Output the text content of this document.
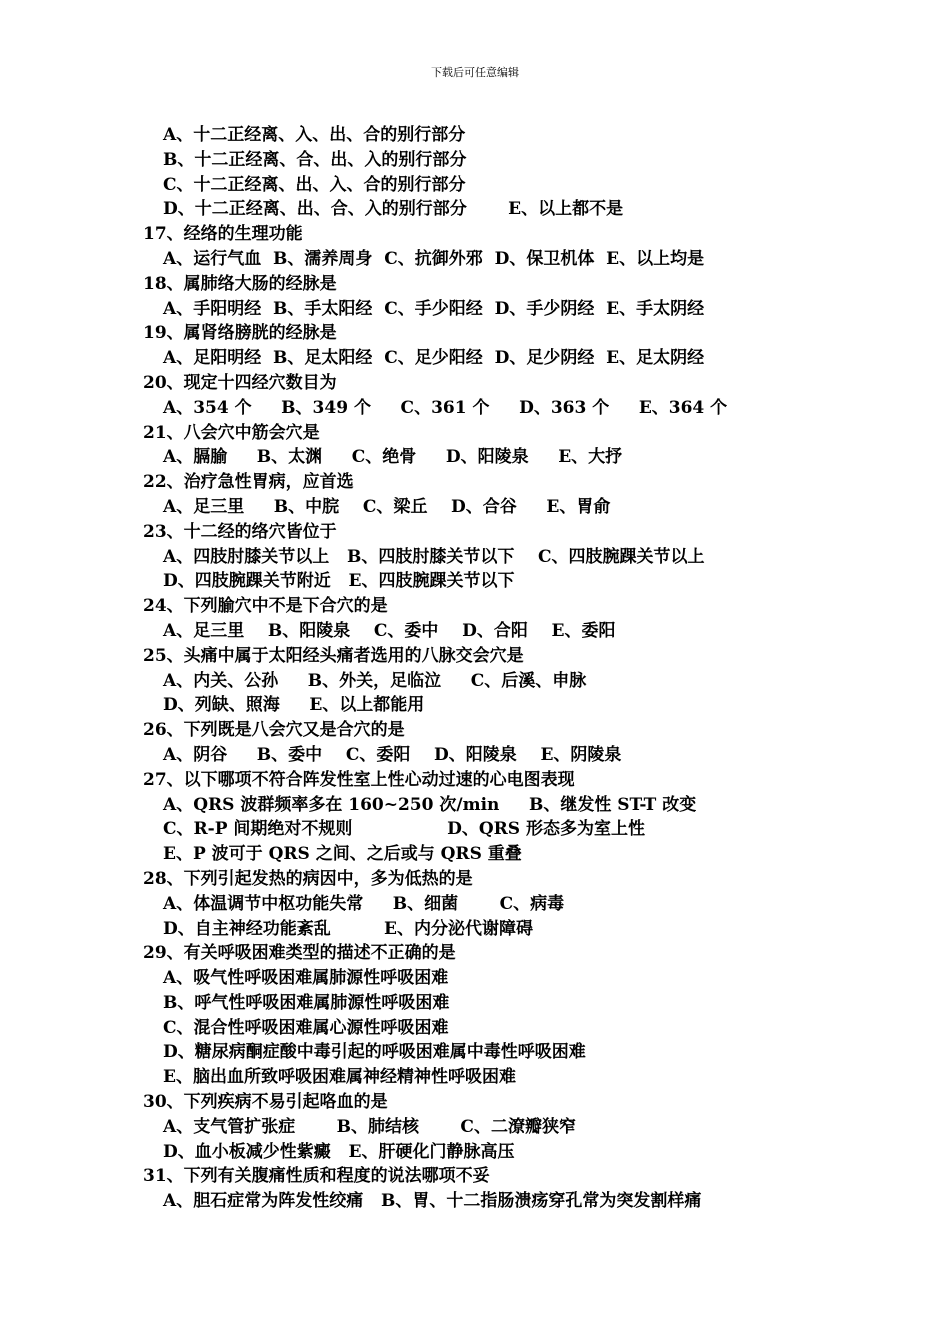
下载后可任意编辑
A、十二正经离、入、出、合的别行部分
B、十二正经离、合、出、入的别行部分
C、十二正经离、出、入、合的别行部分
D、十二正经离、出、合、入的别行部分       E、以上都不是
17、经络的生理功能
A、运行气血  B、濡养周身  C、抗御外邪  D、保卫机体  E、以上均是
18、属肺络大肠的经脉是
A、手阳明经  B、手太阳经  C、手少阳经  D、手少阴经  E、手太阴经
19、属肾络膀胱的经脉是
A、足阳明经  B、足太阳经  C、足少阳经  D、足少阴经  E、足太阴经
20、现定十四经穴数目为
A、354 个     B、349 个     C、361 个     D、363 个     E、364 个
21、八会穴中筋会穴是
A、膈腧     B、太渊     C、绝骨     D、阳陵泉     E、大抒
22、治疗急性胃病，应首选
A、足三里     B、中脘    C、梁丘    D、合谷     E、胃俞
23、十二经的络穴皆位于
A、四肢肘膝关节以上   B、四肢肘膝关节以下    C、四肢腕踝关节以上
D、四肢腕踝关节附近   E、四肢腕踝关节以下
24、下列腧穴中不是下合穴的是
A、足三里    B、阳陵泉    C、委中    D、合阳    E、委阳
25、头痛中属于太阳经头痛者选用的八脉交会穴是
A、内关、公孙     B、外关，足临泣     C、后溪、申脉
D、列缺、照海     E、以上都能用
26、下列既是八会穴又是合穴的是
A、阴谷     B、委中    C、委阳    D、阳陵泉    E、阴陵泉
27、以下哪项不符合阵发性室上性心动过速的心电图表现
A、QRS 波群频率多在 160~250 次/min     B、继发性 ST-T 改变
C、R-P 间期绝对不规则                D、QRS 形态多为室上性
E、P 波可于 QRS 之间、之后或与 QRS 重叠
28、下列引起发热的病因中，多为低热的是
A、体温调节中枢功能失常     B、细菌       C、病毒
D、自主神经功能紊乱         E、内分泌代谢障碍
29、有关呼吸困难类型的描述不正确的是
A、吸气性呼吸困难属肺源性呼吸困难
B、呼气性呼吸困难属肺源性呼吸困难
C、混合性呼吸困难属心源性呼吸困难
D、糖尿病酮症酸中毒引起的呼吸困难属中毒性呼吸困难
E、脑出血所致呼吸困难属神经精神性呼吸困难
30、下列疾病不易引起咯血的是
A、支气管扩张症       B、肺结核       C、二潦瓣狭窄
D、血小板减少性紫癜   E、肝硬化门静脉高压
31、下列有关腹痛性质和程度的说法哪项不妥
A、胆石症常为阵发性绞痛   B、胃、十二指肠溃疡穿孔常为突发割样痛
